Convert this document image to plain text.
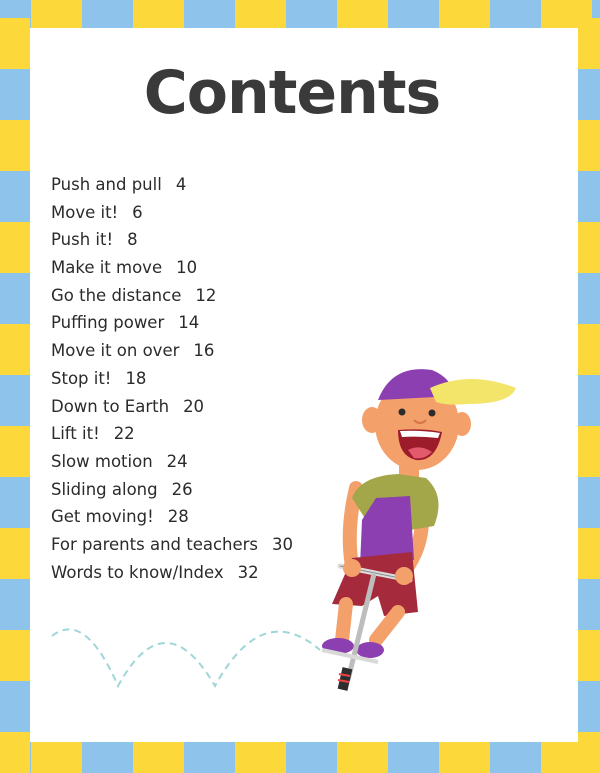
Contents
Push and pull 4
Move it! 6
Push it! 8
Make it move 10
Go the distance 12
Puffing power 14
Move it on over 16
Stop it! 18
Down to Earth 20
Lift it! 22
Slow motion 24
Sliding along 26
Get moving! 28
For parents and teachers 30
Words to know/Index 32
